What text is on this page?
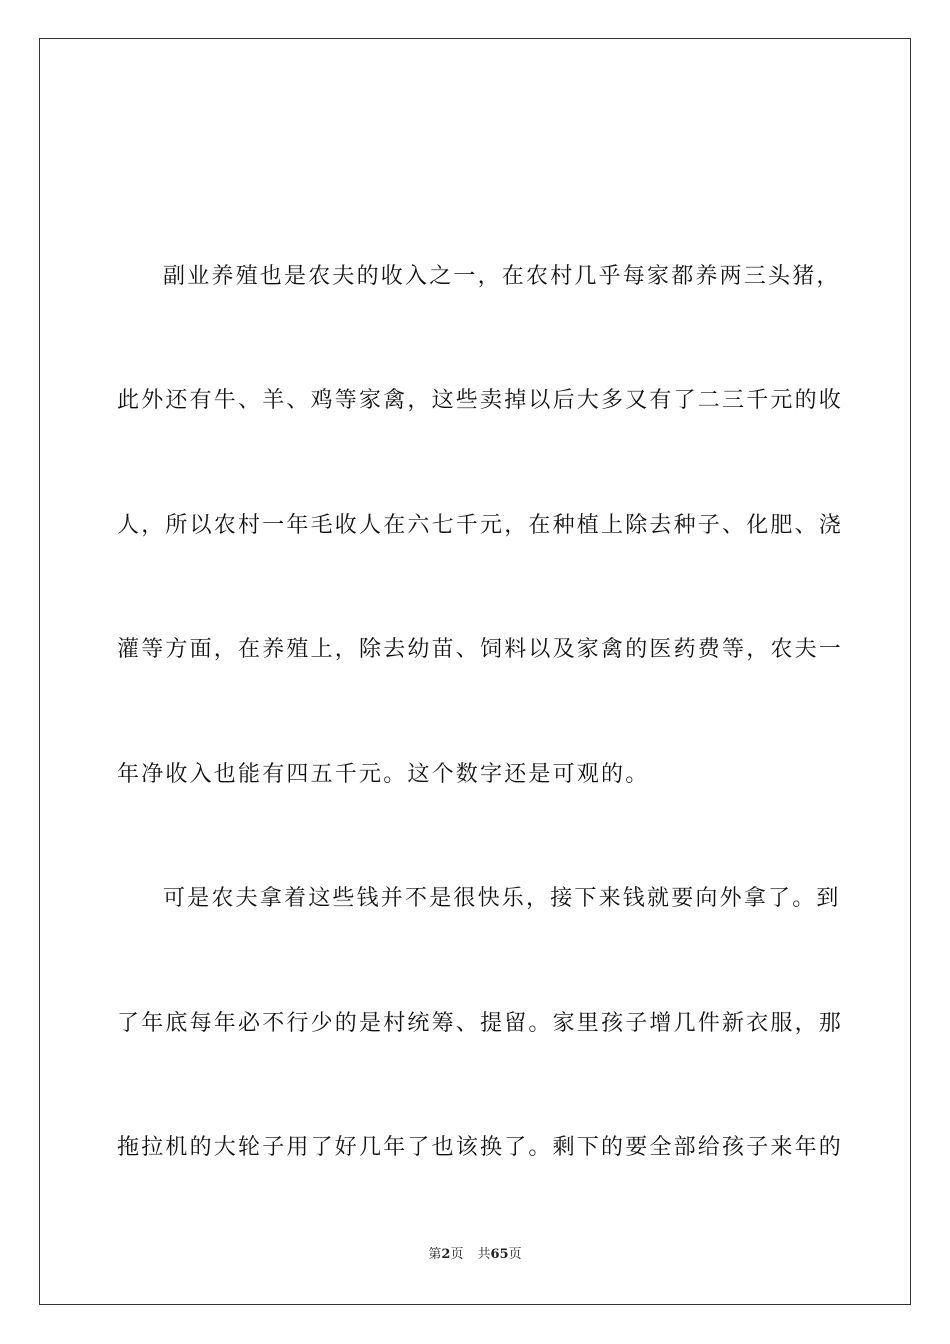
副业养殖也是农夫的收入之一，在农村几乎每家都养两三头猪，
此外还有牛、羊、鸡等家禽，这些卖掉以后大多又有了二三千元的收
人，所以农村一年毛收人在六七千元，在种植上除去种子、化肥、浇
灌等方面，在养殖上，除去幼苗、饲料以及家禽的医药费等，农夫一
年净收入也能有四五千元。这个数字还是可观的。
可是农夫拿着这些钱并不是很快乐，接下来钱就要向外拿了。到
了年底每年必不行少的是村统筹、提留。家里孩子增几件新衣服，那
拖拉机的大轮子用了好几年了也该换了。剩下的要全部给孩子来年的
第2页 共65页
